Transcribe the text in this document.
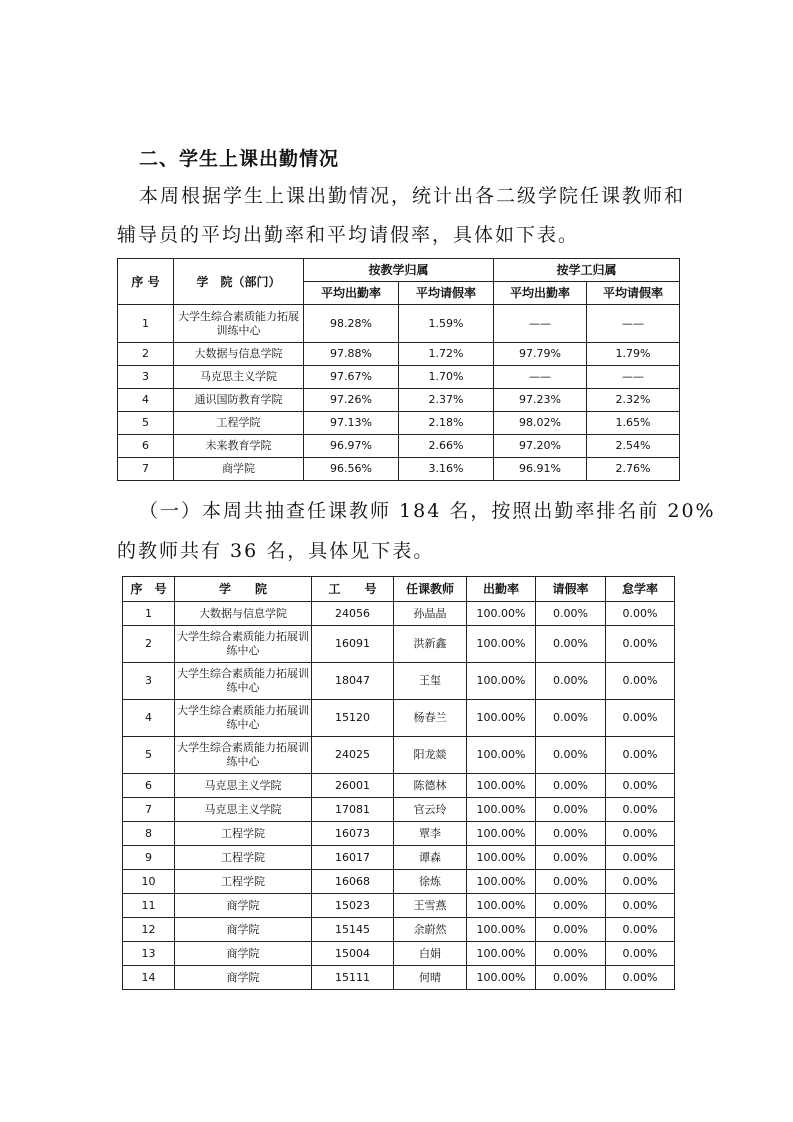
二、学生上课出勤情况
本周根据学生上课出勤情况，统计出各二级学院任课教师和
辅导员的平均出勤率和平均请假率，具体如下表。
序 号	学　院（部门）	按教学归属		按学工归属	
		平均出勤率	平均请假率	平均出勤率	平均请假率
1	大学生综合素质能力拓展训练中心	98.28%	1.59%	——	——
2	大数据与信息学院	97.88%	1.72%	97.79%	1.79%
3	马克思主义学院	97.67%	1.70%	——	——
4	通识国防教育学院	97.26%	2.37%	97.23%	2.32%
5	工程学院	97.13%	2.18%	98.02%	1.65%
6	未来教育学院	96.97%	2.66%	97.20%	2.54%
7	商学院	96.56%	3.16%	96.91%	2.76%
（一）本周共抽查任课教师 184 名，按照出勤率排名前 20%
的教师共有 36 名，具体见下表。
序　号	学　　院	工　　号	任课教师	出勤率	请假率	怠学率
1	大数据与信息学院	24056	孙晶晶	100.00%	0.00%	0.00%
2	大学生综合素质能力拓展训练中心	16091	洪新鑫	100.00%	0.00%	0.00%
3	大学生综合素质能力拓展训练中心	18047	王玺	100.00%	0.00%	0.00%
4	大学生综合素质能力拓展训练中心	15120	杨春兰	100.00%	0.00%	0.00%
5	大学生综合素质能力拓展训练中心	24025	阳龙燚	100.00%	0.00%	0.00%
6	马克思主义学院	26001	陈德林	100.00%	0.00%	0.00%
7	马克思主义学院	17081	官云玲	100.00%	0.00%	0.00%
8	工程学院	16073	覃李	100.00%	0.00%	0.00%
9	工程学院	16017	谭森	100.00%	0.00%	0.00%
10	工程学院	16068	徐炼	100.00%	0.00%	0.00%
11	商学院	15023	王雪燕	100.00%	0.00%	0.00%
12	商学院	15145	余蔚然	100.00%	0.00%	0.00%
13	商学院	15004	白娟	100.00%	0.00%	0.00%
14	商学院	15111	何晴	100.00%	0.00%	0.00%
